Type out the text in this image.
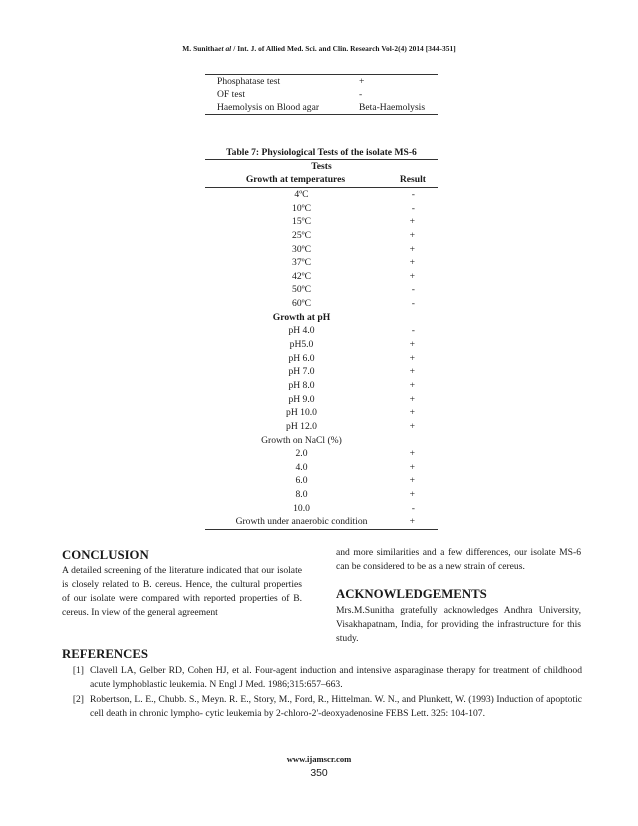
M. Sunithaet al / Int. J. of Allied Med. Sci. and Clin. Research Vol-2(4) 2014 [344-351]
Phosphatase test	+
OF test	-
Haemolysis on Blood agar	Beta-Haemolysis
Table 7: Physiological Tests of the isolate MS-6
Tests
Growth at temperatures	Result
4ºC	-
10ºC	-
15ºC	+
25ºC	+
30ºC	+
37ºC	+
42ºC	+
50ºC	-
60ºC	-
Growth at pH
pH 4.0	-
pH5.0	+
pH 6.0	+
pH 7.0	+
pH 8.0	+
pH 9.0	+
pH 10.0	+
pH 12.0	+
Growth on NaCl (%)
2.0	+
4.0	+
6.0	+
8.0	+
10.0	-
Growth under anaerobic condition	+
CONCLUSION

A detailed screening of the literature indicated that our isolate is closely related to B. cereus. Hence, the cultural properties of our isolate were compared with reported properties of B. cereus. In view of the general agreement

and more similarities and a few differences, our isolate MS-6 can be considered to be as a new strain of cereus.

ACKNOWLEDGEMENTS

Mrs.M.Sunitha gratefully acknowledges Andhra University, Visakhapatnam, India, for providing the infrastructure for this study.

REFERENCES
[1] Clavell LA, Gelber RD, Cohen HJ, et al. Four-agent induction and intensive asparaginase therapy for treatment of childhood acute lymphoblastic leukemia. N Engl J Med. 1986;315:657–663.
[2] Robertson, L. E., Chubb. S., Meyn. R. E., Story, M., Ford, R., Hittelman. W. N., and Plunkett, W. (1993) Induction of apoptotic cell death in chronic lympho- cytic leukemia by 2-chloro-2'-deoxyadenosine FEBS Lett. 325: 104-107.
www.ijamscr.com
350
